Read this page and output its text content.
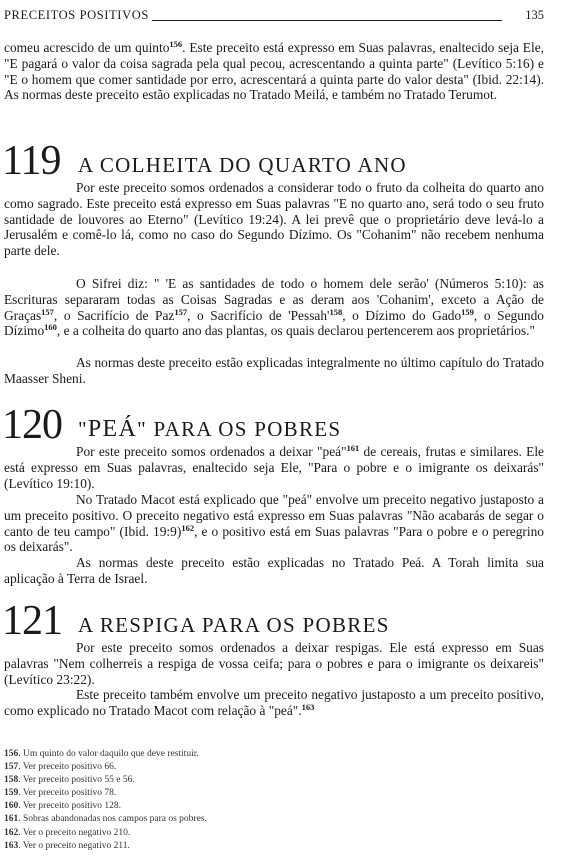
PRECEITOS POSITIVOS	135

comeu acrescido de um quinto$^{156}$. Este preceito está expresso em Suas palavras, enaltecido seja Ele, "E pagará o valor da coisa sagrada pela qual pecou, acrescentando a quinta parte" (Levítico 5:16) e "E o homem que comer santidade por erro, acrescentará a quinta parte do valor desta" (Ibid. 22:14). As normas deste preceito estão explicadas no Tratado Meilá, e também no Tratado Terumot.

119 A COLHEITA DO QUARTO ANO

Por este preceito somos ordenados a considerar todo o fruto da colheita do quarto ano como sagrado. Este preceito está expresso em Suas palavras "E no quarto ano, será todo o seu fruto santidade de louvores ao Eterno" (Levítico 19:24). A lei prevê que o proprietário deve levá-lo a Jerusalém e comê-lo lá, como no caso do Segundo Dízimo. Os "Cohanim" não recebem nenhuma parte dele.

O Sifrei diz: " 'E as santidades de todo o homem dele serão' (Números 5:10): as Escrituras separaram todas as Coisas Sagradas e as deram aos 'Cohanim', exceto a Ação de Graças$^{157}$, o Sacrifício de Paz$^{157}$, o Sacrifício de 'Pessah'$^{158}$, o Dízimo do Gado$^{159}$, o Segundo Dízimo$^{160}$, e a colheita do quarto ano das plantas, os quais declarou pertencerem aos proprietários."

As normas deste preceito estão explicadas integralmente no último capítulo do Tratado Maasser Sheni.

120 "PEÁ" PARA OS POBRES

Por este preceito somos ordenados a deixar "peá"$^{161}$ de cereais, frutas e similares. Ele está expresso em Suas palavras, enaltecido seja Ele, "Para o pobre e o imigrante os deixarás" (Levítico 19:10).

No Tratado Macot está explicado que "peá" envolve um preceito negativo justaposto a um preceito positivo. O preceito negativo está expresso em Suas palavras "Não acabarás de segar o canto de teu campo" (Ibid. 19:9)$^{162}$, e o positivo está em Suas palavras "Para o pobre e o peregrino os deixarás".

As normas deste preceito estão explicadas no Tratado Peá. A Torah limita sua aplicação à Terra de Israel.

121 A RESPIGA PARA OS POBRES

Por este preceito somos ordenados a deixar respigas. Ele está expresso em Suas palavras "Nem colherreis a respiga de vossa ceifa; para o pobres e para o imigrante os deixareis" (Levítico 23:22).

Este preceito também envolve um preceito negativo justaposto a um preceito positivo, como explicado no Tratado Macot com relação à "peá".$^{163}$

156. Um quinto do valor daquilo que deve restituir.
157. Ver preceito positivo 66.
158. Ver preceito positivo 55 e 56.
159. Ver preceito positivo 78.
160. Ver preceito positivo 128.
161. Sobras abandonadas nos campos para os pobres.
162. Ver o preceito negativo 210.
163. Ver o preceito negativo 211.
